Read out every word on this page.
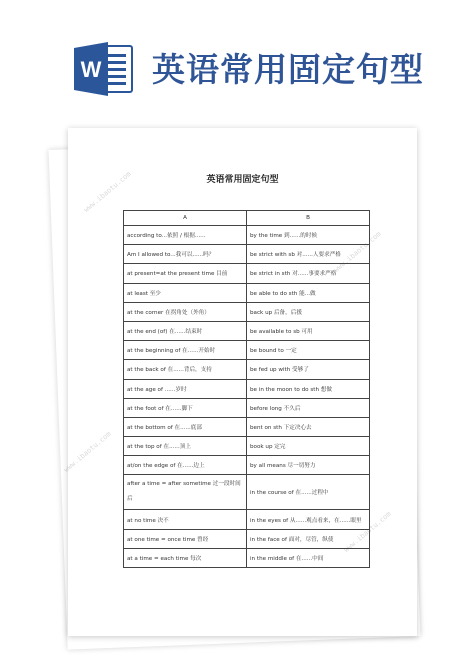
W 英语常用固定句型
www.ibaotu.com
www.ibaotu.com
www.ibaotu.com
www.ibaotu.com
英语常用固定句型
A	B
according to...依照 / 根据......	by the time 到......的时候
Am I allowed to...我可以......吗？	be strict with sb 对......人要求严格
at present=at the present time 目前	be strict in sth 对......事要求严格
at least 至少	be able to do sth 能...做
at the corner 在拐角处（外角）	back up 后备，后援
at the end (of) 在......结束时	be available to sb 可用
at the beginning of 在......开始时	be bound to 一定
at the back of 在......背后，支持	be fed up with 受够了
at the age of ......岁时	be in the moon to do sth 想做
at the foot of 在......脚下	before long 不久后
at the bottom of 在......底部	bent on sth 下定决心去
at the top of 在......顶上	book up 定完
at/on the edge of 在......边上	by all means 尽一切努力
after a time = after sometime 过一段时间后	in the course of 在......过程中
at no time 决不	in the eyes of 从......观点看来，在......眼里
at one time = once time 曾经	in the face of 面对，尽管，纵使
at a time = each time 每次	in the middle of 在......中间
